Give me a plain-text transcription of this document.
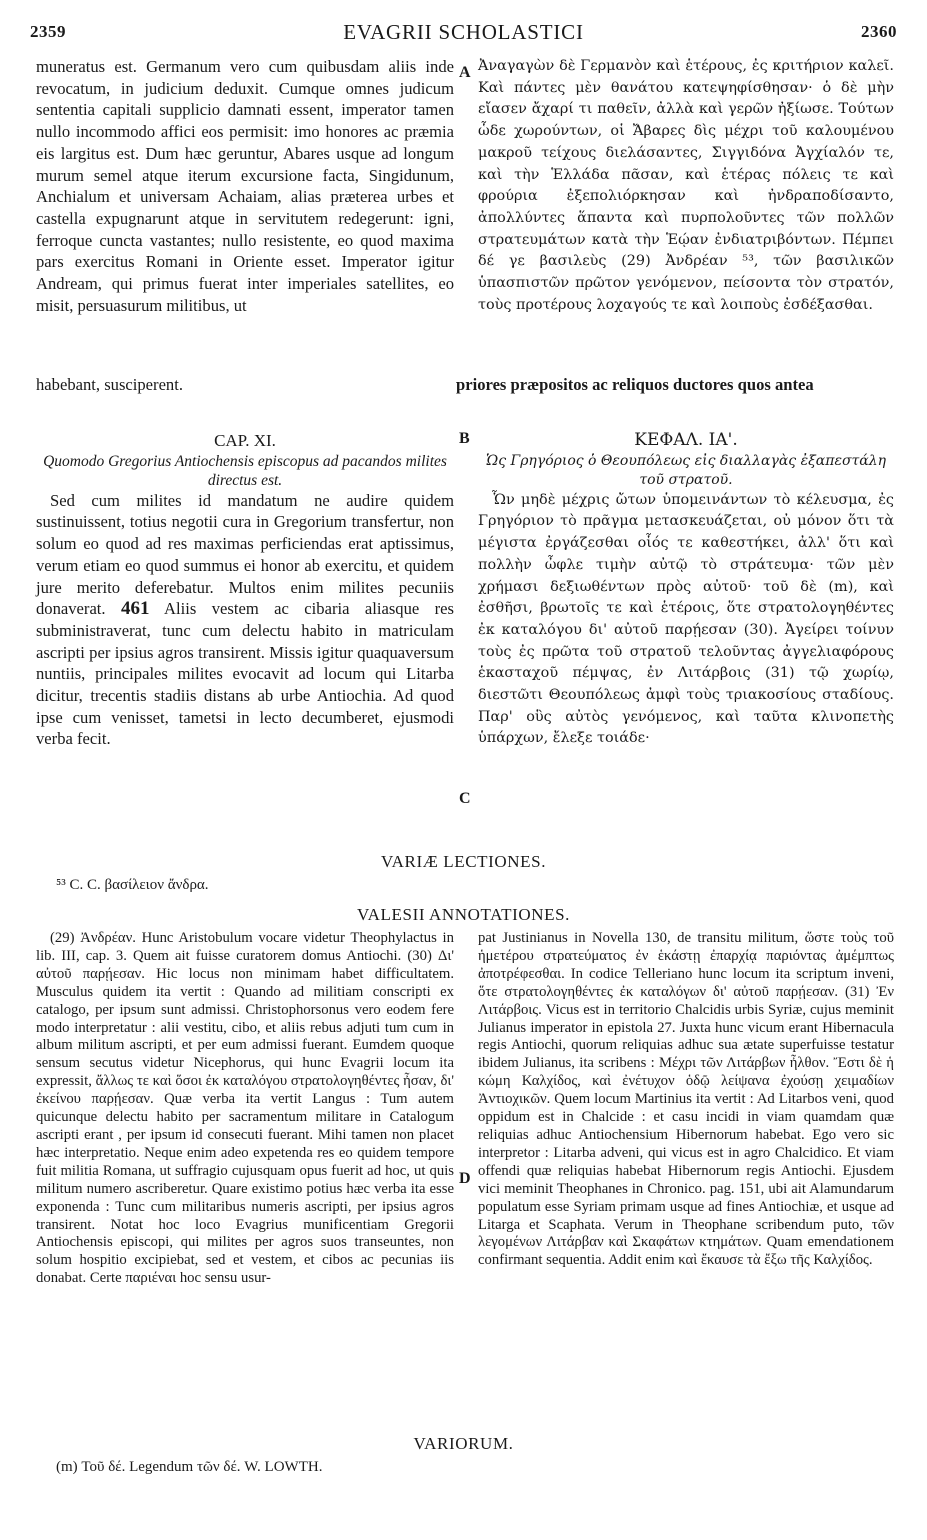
2359	EVAGRII SCHOLASTICI	2360

muneratus est. Germanum vero cum quibusdam aliis inde revocatum, in judicium deduxit. Cumque omnes judicum sententia capitali supplicio damnati essent, imperator tamen nullo incommodo affici eos permisit: imo honores ac præmia eis largitus est. Dum hæc geruntur, Abares usque ad longum murum semel atque iterum excursione facta, Singidunum, Anchialum et universam Achaiam, alias præterea urbes et castella expugnarunt atque in servitutem redegerunt: igni, ferroque cuncta vastantes; nullo resistente, eo quod maxima pars exercitus Romani in Oriente esset. Imperator igitur Andream, qui primus fuerat inter imperiales satellites, eo misit, persuasurum militibus, ut

A Ἀναγαγὼν δὲ Γερμανὸν καὶ ἑτέρους, ἐς κριτήριον καλεῖ. Καὶ πάντες μὲν θανάτου κατεψηφίσθησαν· ὁ δὲ μὴν εἴασεν ἄχαρί τι παθεῖν, ἀλλὰ καὶ γερῶν ἠξίωσε. Τούτων ὧδε χωρούντων, οἱ Ἄβαρες δὶς μέχρι τοῦ καλουμένου μακροῦ τείχους διελάσαντες, Σιγγιδόνα Ἀγχίαλόν τε, καὶ τὴν Ἑλλάδα πᾶσαν, καὶ ἑτέρας πόλεις τε καὶ φρούρια ἐξεπολιόρκησαν καὶ ἠνδραποδίσαντο, ἀπολλύντες ἅπαντα καὶ πυρπολοῦντες τῶν πολλῶν στρατευμάτων κατὰ τὴν Ἑῴαν ἐνδιατριβόντων. Πέμπει δέ γε βασιλεὺς (29) Ἀνδρέαν ⁵³, τῶν βασιλικῶν ὑπασπιστῶν πρῶτον γενόμενον, πείσοντα τὸν στρατόν, τοὺς προτέρους λοχαγούς τε καὶ λοιποὺς ἐσδέξασθαι.

habebant, susciperent.	priores præpositos ac reliquos ductores quos antea

CAP. XI.

Quomodo Gregorius Antiochensis episcopus ad pacandos milites directus est.

Sed cum milites id mandatum ne audire quidem sustinuissent, totius negotii cura in Gregorium transfertur, non solum eo quod ad res maximas perficiendas erat aptissimus, verum etiam eo quod summus ei honor ab exercitu, et quidem jure merito deferebatur. Multos enim milites pecuniis donaverat. 461 Aliis vestem ac cibaria aliasque res subministraverat, tunc cum delectu habito in matriculam ascripti per ipsius agros transirent. Missis igitur quaquaversum nuntiis, principales milites evocavit ad locum qui Litarba dicitur, trecentis stadiis distans ab urbe Antiochia. Ad quod ipse cum venisset, tametsi in lecto decumberet, ejusmodi verba fecit.

B
C

ΚΕΦΑΛ. ΙΑ'.

Ὡς Γρηγόριος ὁ Θεουπόλεως εἰς διαλλαγὰς ἐξαπεστάλη τοῦ στρατοῦ.

Ὧν μηδὲ μέχρις ὤτων ὑπομεινάντων τὸ κέλευσμα, ἐς Γρηγόριον τὸ πρᾶγμα μετασκευάζεται, οὐ μόνον ὅτι τὰ μέγιστα ἐργάζεσθαι οἷός τε καθεστήκει, ἀλλ' ὅτι καὶ πολλὴν ὦφλε τιμὴν αὐτῷ τὸ στράτευμα· τῶν μὲν χρήμασι δεξιωθέντων πρὸς αὐτοῦ· τοῦ δὲ (m), καὶ ἐσθῆσι, βρωτοῖς τε καὶ ἑτέροις, ὅτε στρατολογηθέντες ἐκ καταλόγου δι' αὐτοῦ παρῄεσαν (30). Ἀγείρει τοίνυν τοὺς ἐς πρῶτα τοῦ στρατοῦ τελοῦντας ἀγγελιαφόρους ἑκασταχοῦ πέμψας, ἐν Λιτάρβοις (31) τῷ χωρίῳ, διεστῶτι Θεουπόλεως ἀμφὶ τοὺς τριακοσίους σταδίους. Παρ' οὓς αὐτὸς γενόμενος, καὶ ταῦτα κλινοπετὴς ὑπάρχων, ἔλεξε τοιάδε·

VARIÆ LECTIONES.
⁵³ C. C. βασίλειον ἄνδρα.
VALESII ANNOTATIONES.

(29) Ἀνδρέαν. Hunc Aristobulum vocare videtur Theophylactus in lib. III, cap. 3. Quem ait fuisse curatorem domus Antiochi. (30) Δι' αὐτοῦ παρῄεσαν. Hic locus non minimam habet difficultatem. Musculus quidem ita vertit : Quando ad militiam conscripti ex catalogo, per ipsum sunt admissi. Christophorsonus vero eodem fere modo interpretatur : alii vestitu, cibo, et aliis rebus adjuti tum cum in album militum ascripti, et per eum admissi fuerant. Eumdem quoque sensum secutus videtur Nicephorus, qui hunc Evagrii locum ita expressit, ἄλλως τε καὶ ὅσοι ἐκ καταλόγου στρατολογηθέντες ἦσαν, δι' ἐκείνου παρῄεσαν. Quæ verba ita vertit Langus : Tum autem quicunque delectu habito per sacramentum militare in Catalogum ascripti erant , per ipsum id consecuti fuerant. Mihi tamen non placet hæc interpretatio. Neque enim adeo expetenda res eo quidem tempore fuit militia Romana, ut suffragio cujusquam opus fuerit ad hoc, ut quis militum numero ascriberetur. Quare existimo potius hæc verba ita esse exponenda : Tunc cum militaribus numeris ascripti, per ipsius agros transirent. Notat hoc loco Evagrius munificentiam Gregorii Antiochensis episcopi, qui milites per agros suos transeuntes, non solum hospitio excipiebat, sed et vestem, et cibos ac pecunias iis donabat. Certe παριέναι hoc sensu usur-

D

pat Justinianus in Novella 130, de transitu militum, ὥστε τοὺς τοῦ ἡμετέρου στρατεύματος ἐν ἑκάστῃ ἐπαρχίᾳ παριόντας ἀμέμπτως ἀποτρέφεσθαι. In codice Telleriano hunc locum ita scriptum inveni, ὅτε στρατολογηθέντες ἐκ καταλόγων δι' αὐτοῦ παρῄεσαν. (31) Ἐν Λιτάρβοις. Vicus est in territorio Chalcidis urbis Syriæ, cujus meminit Julianus imperator in epistola 27. Juxta hunc vicum erant Hibernacula regis Antiochi, quorum reliquias adhuc sua ætate superfuisse testatur ibidem Julianus, ita scribens : Μέχρι τῶν Λιτάρβων ἦλθον. Ἔστι δὲ ἡ κώμη Καλχίδος, καὶ ἐνέτυχον ὁδῷ λείψανα ἐχούσῃ χειμαδίων Ἀντιοχικῶν. Quem locum Martinius ita vertit : Ad Litarbos veni, quod oppidum est in Chalcide : et casu incidi in viam quamdam quæ reliquias adhuc Antiochensium Hibernorum habebat. Ego vero sic interpretor : Litarba adveni, qui vicus est in agro Chalcidico. Et viam offendi quæ reliquias habebat Hibernorum regis Antiochi. Ejusdem vici meminit Theophanes in Chronico. pag. 151, ubi ait Alamundarum populatum esse Syriam primam usque ad fines Antiochiæ, et usque ad Litarga et Scaphata. Verum in Theophane scribendum puto, τῶν λεγομένων Λιτάρβαν καὶ Σκαφάτων κτημάτων. Quam emendationem confirmant sequentia. Addit enim καὶ ἔκαυσε τὰ ἔξω τῆς Καλχίδος.

VARIORUM.
(m) Τοῦ δέ. Legendum τῶν δέ. W. LOWTH.
